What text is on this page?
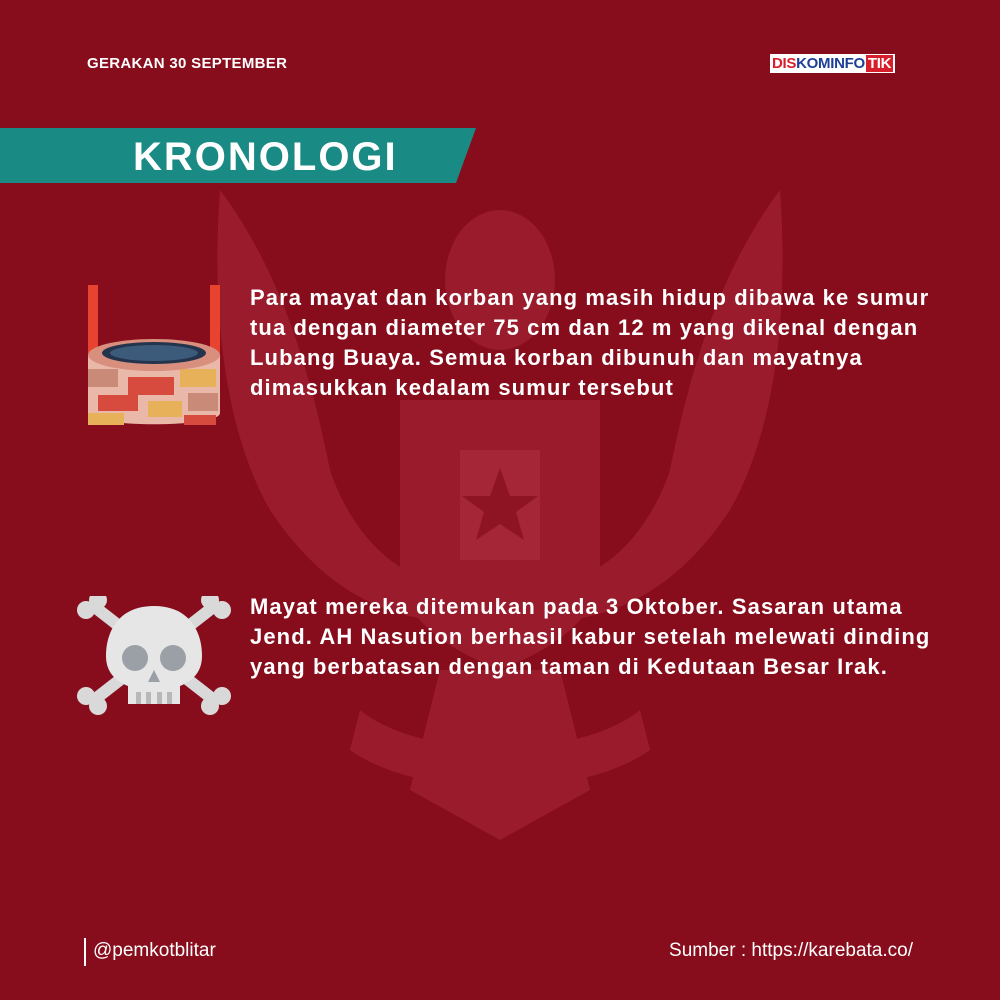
GERAKAN 30 SEPTEMBER	DISKOMINFO TIK
KRONOLOGI
Para mayat dan korban yang masih hidup dibawa ke sumur tua dengan diameter 75 cm dan 12 m yang dikenal dengan Lubang Buaya. Semua korban dibunuh dan mayatnya dimasukkan kedalam sumur tersebut
Mayat mereka ditemukan pada 3 Oktober. Sasaran utama Jend. AH Nasution berhasil kabur setelah melewati dinding yang berbatasan dengan taman di Kedutaan Besar Irak.
@pemkotblitar	Sumber : https://karebata.co/
